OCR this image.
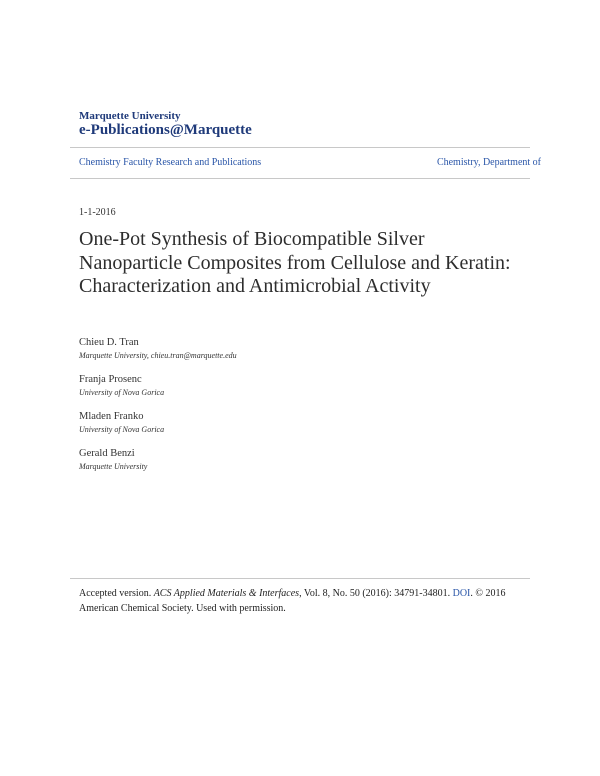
Marquette University
e-Publications@Marquette
Chemistry Faculty Research and Publications	Chemistry, Department of
1-1-2016
One-Pot Synthesis of Biocompatible Silver Nanoparticle Composites from Cellulose and Keratin: Characterization and Antimicrobial Activity
Chieu D. Tran
Marquette University, chieu.tran@marquette.edu
Franja Prosenc
University of Nova Gorica
Mladen Franko
University of Nova Gorica
Gerald Benzi
Marquette University
Accepted version. ACS Applied Materials & Interfaces, Vol. 8, No. 50 (2016): 34791-34801. DOI. © 2016 American Chemical Society. Used with permission.
